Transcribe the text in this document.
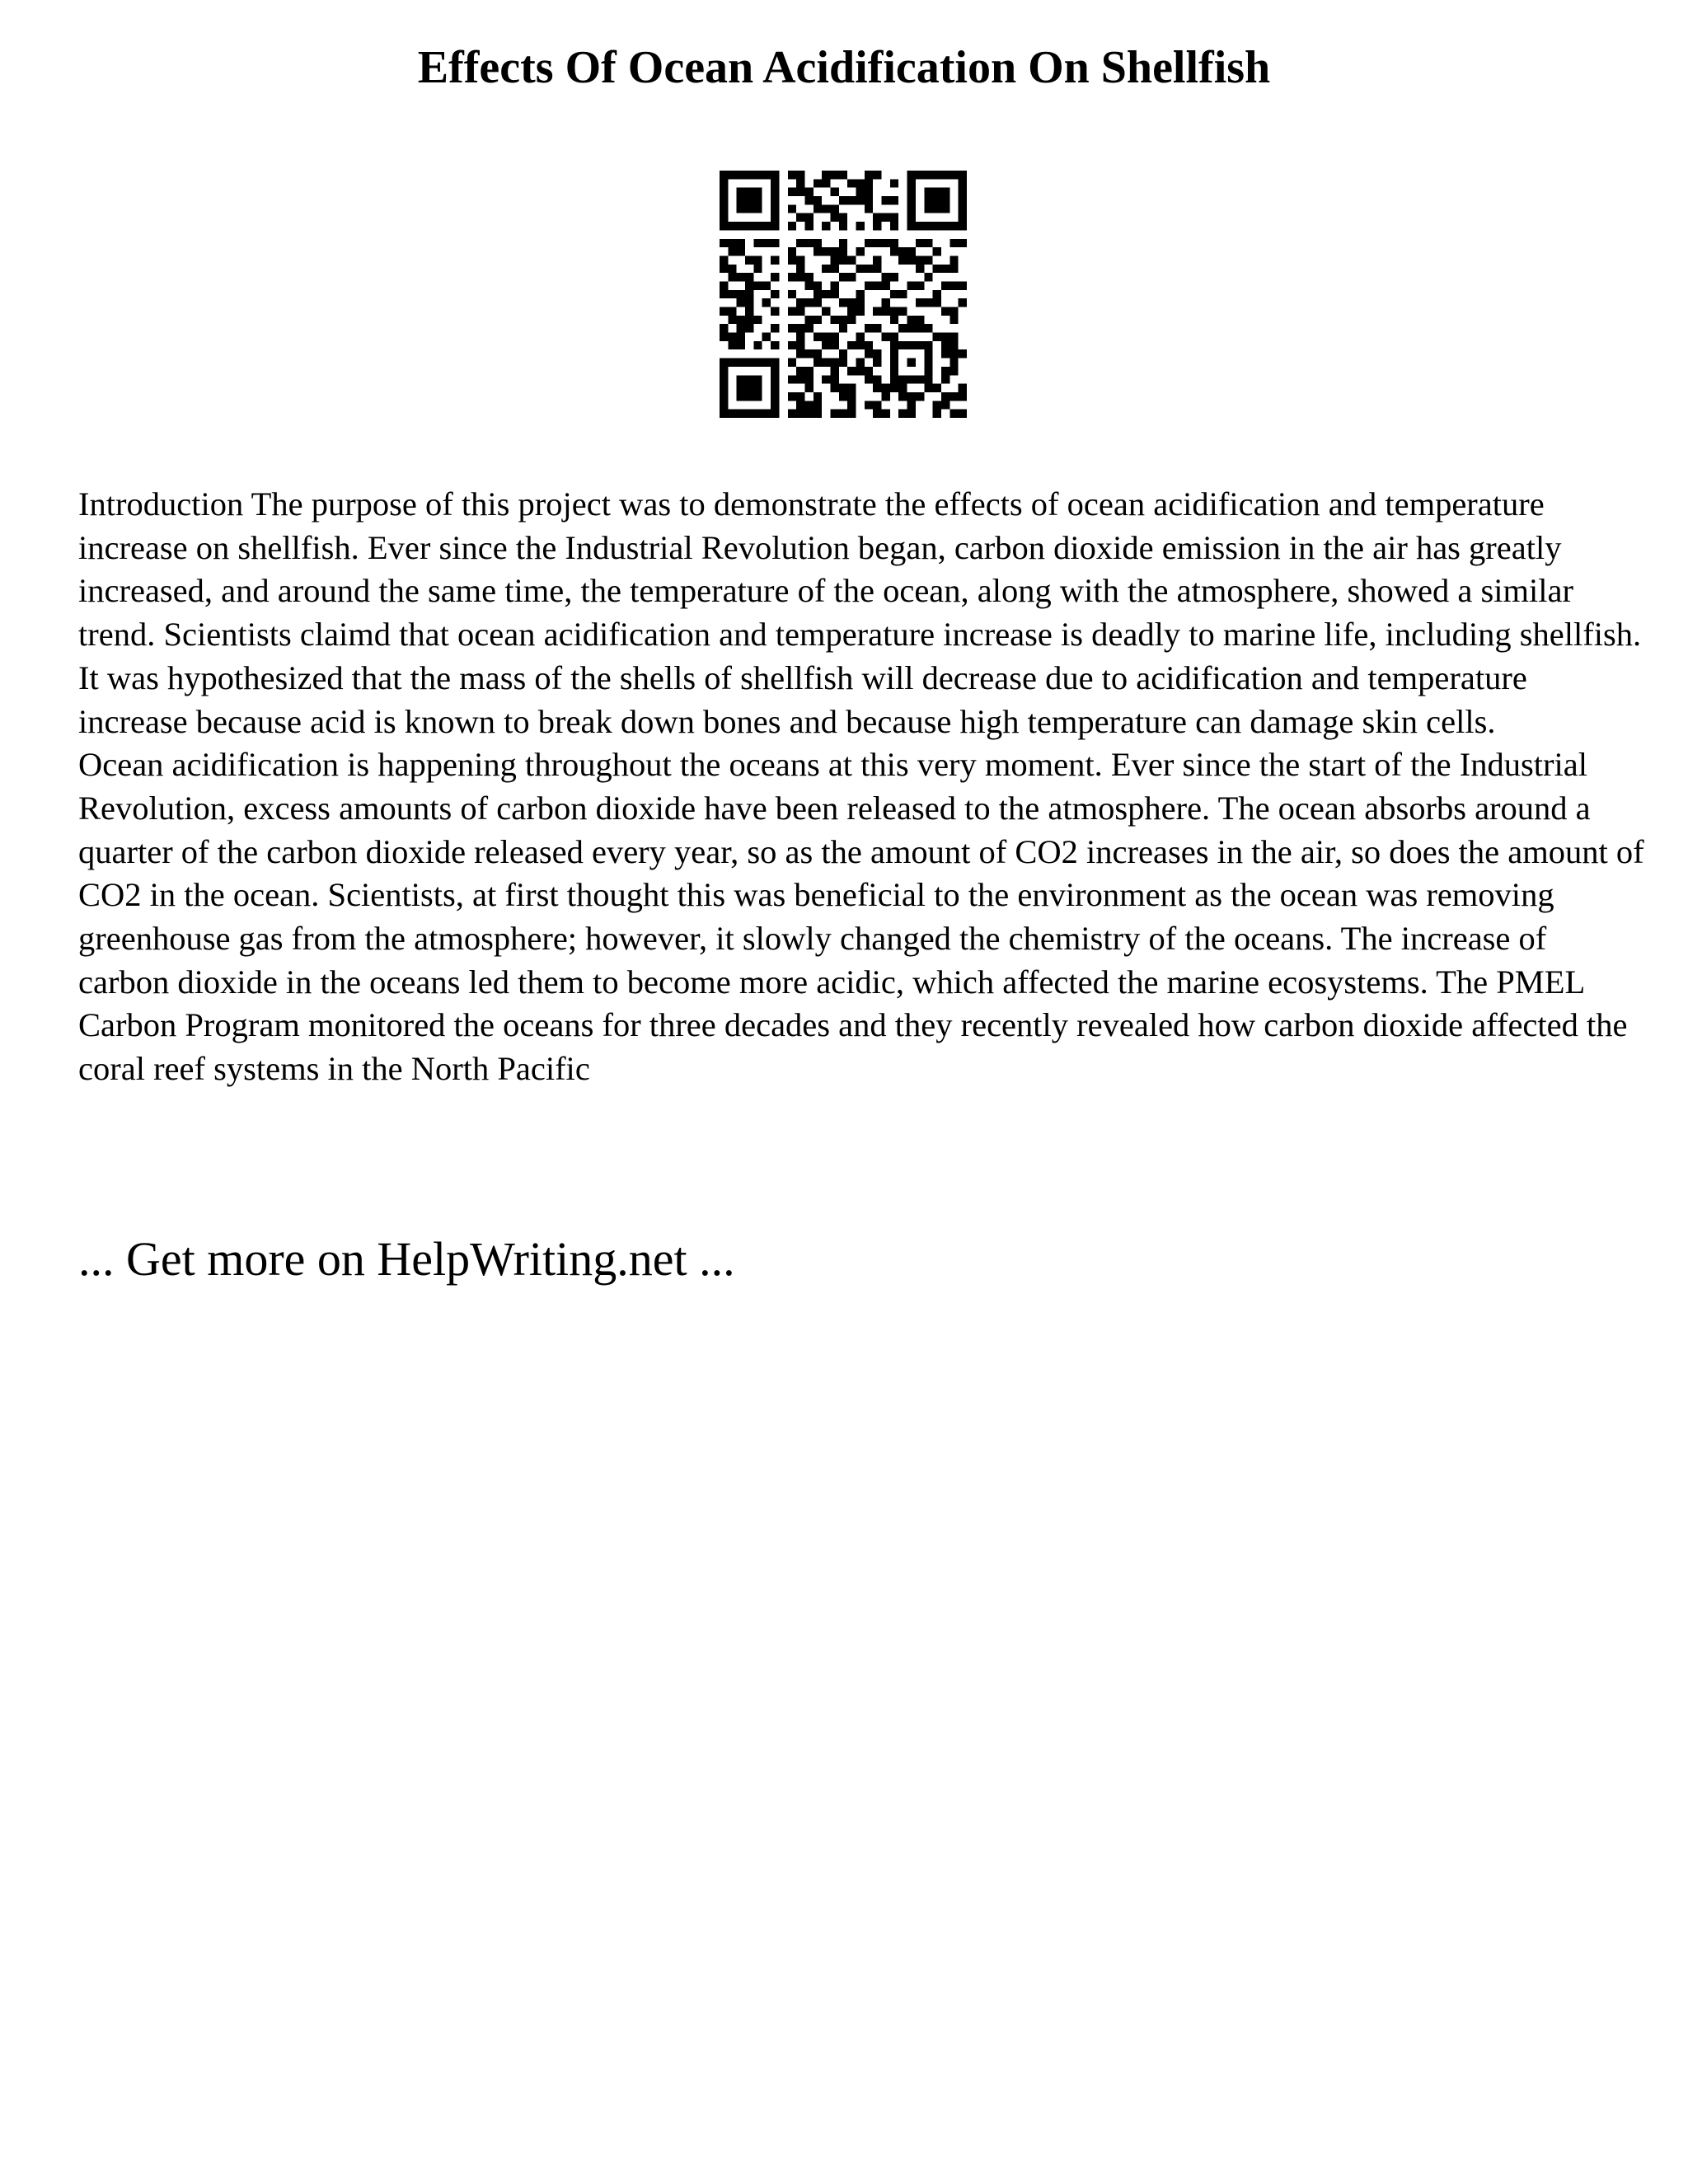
Effects Of Ocean Acidification On Shellfish

Introduction The purpose of this project was to demonstrate the effects of ocean acidification and temperature increase on shellfish. Ever since the Industrial Revolution began, carbon dioxide emission in the air has greatly increased, and around the same time, the temperature of the ocean, along with the atmosphere, showed a similar trend. Scientists claimd that ocean acidification and temperature increase is deadly to marine life, including shellfish. It was hypothesized that the mass of the shells of shellfish will decrease due to acidification and temperature increase because acid is known to break down bones and because high temperature can damage skin cells.

Ocean acidification is happening throughout the oceans at this very moment. Ever since the start of the Industrial Revolution, excess amounts of carbon dioxide have been released to the atmosphere. The ocean absorbs around a quarter of the carbon dioxide released every year, so as the amount of CO2 increases in the air, so does the amount of CO2 in the ocean. Scientists, at first thought this was beneficial to the environment as the ocean was removing greenhouse gas from the atmosphere; however, it slowly changed the chemistry of the oceans. The increase of carbon dioxide in the oceans led them to become more acidic, which affected the marine ecosystems. The PMEL Carbon Program monitored the oceans for three decades and they recently revealed how carbon dioxide affected the coral reef systems in the North Pacific

... Get more on HelpWriting.net ...
